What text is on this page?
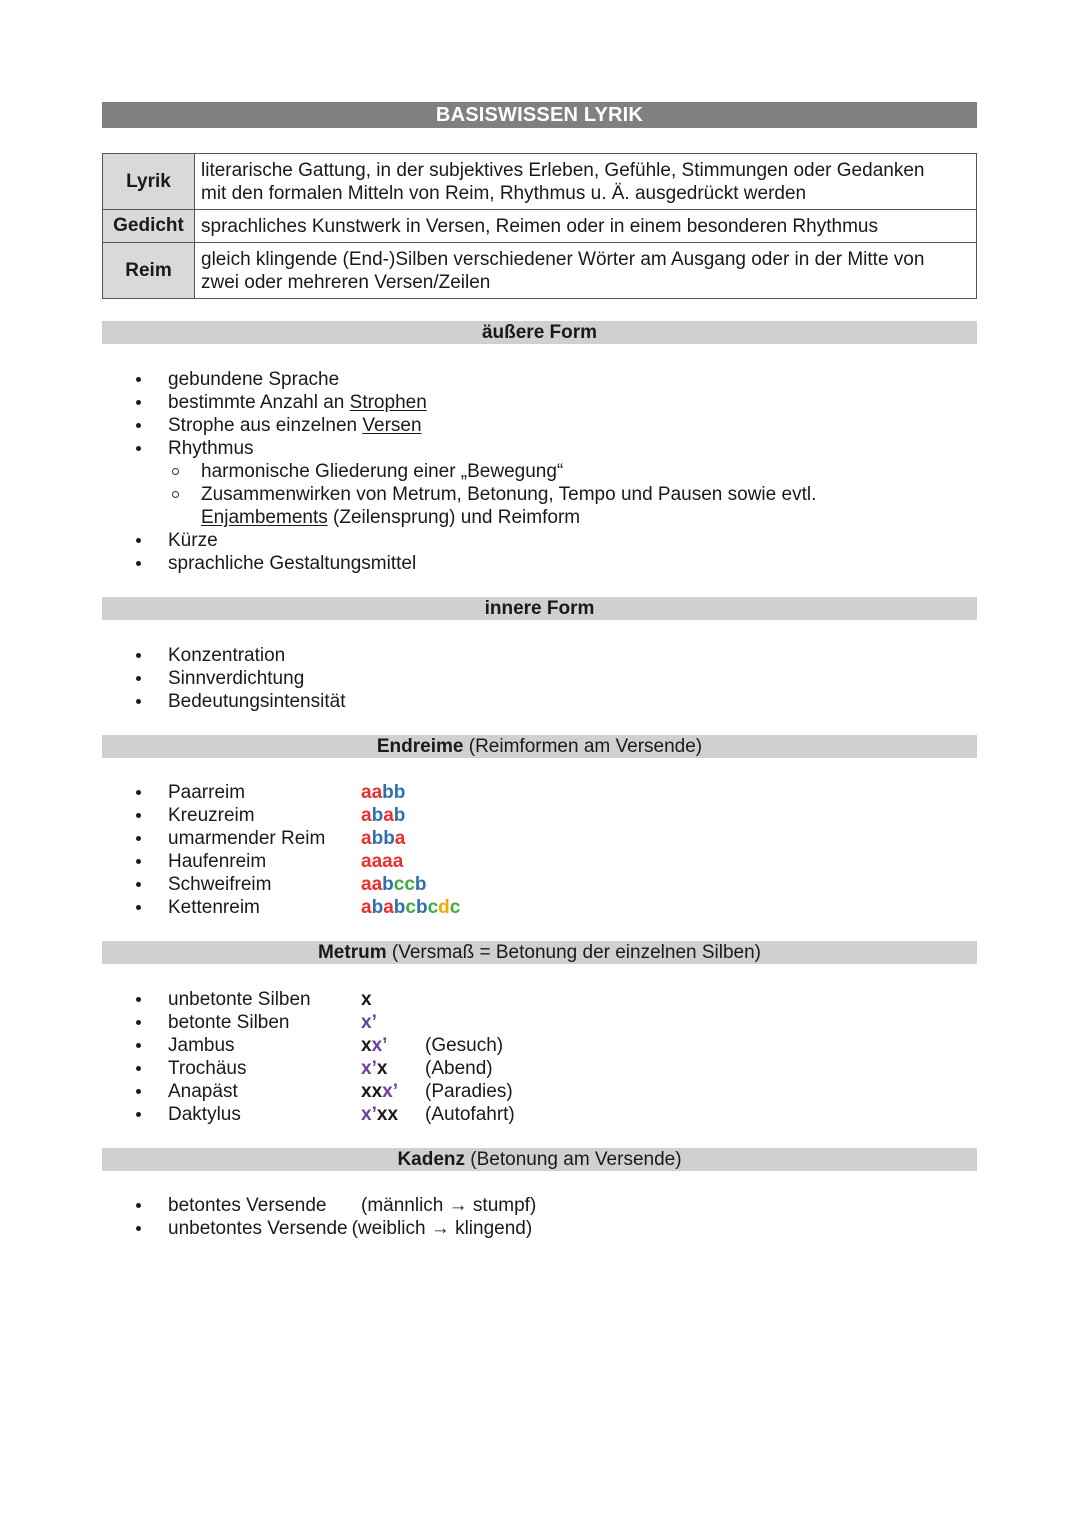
BASISWISSEN LYRIK
Lyrik	literarische Gattung, in der subjektives Erleben, Gefühle, Stimmungen oder Gedanken
mit den formalen Mitteln von Reim, Rhythmus u. Ä. ausgedrückt werden

Gedicht	sprachliches Kunstwerk in Versen, Reimen oder in einem besonderen Rhythmus
Reim	gleich klingende (End-)Silben verschiedener Wörter am Ausgang oder in der Mitte von
zwei oder mehreren Versen/Zeilen
äußere Form
gebundene Sprache
bestimmte Anzahl an Strophen
Strophe aus einzelnen Versen
Rhythmus
harmonische Gliederung einer „Bewegung“
Zusammenwirken von Metrum, Betonung, Tempo und Pausen sowie evtl.
Enjambements (Zeilensprung) und Reimform
Kürze
sprachliche Gestaltungsmittel
innere Form
Konzentration
Sinnverdichtung
Bedeutungsintensität
Endreime (Reimformen am Versende)
Paarreim	aabb
Kreuzreim	abab
umarmender Reim abba
Haufenreim	aaaa
Schweifreim	aabccb
Kettenreim	ababcbcdc
Metrum (Versmaß = Betonung der einzelnen Silben)
unbetonte Silben	x
betonte Silben	x’
Jambus	xx’ (Gesuch)
Trochäus	x’x (Abend)
Anapäst	xxx’ (Paradies)
Daktylus	x’xx (Autofahrt)
Kadenz (Betonung am Versende)
betontes Versende (männlich → stumpf)
unbetontes Versende (weiblich → klingend)
